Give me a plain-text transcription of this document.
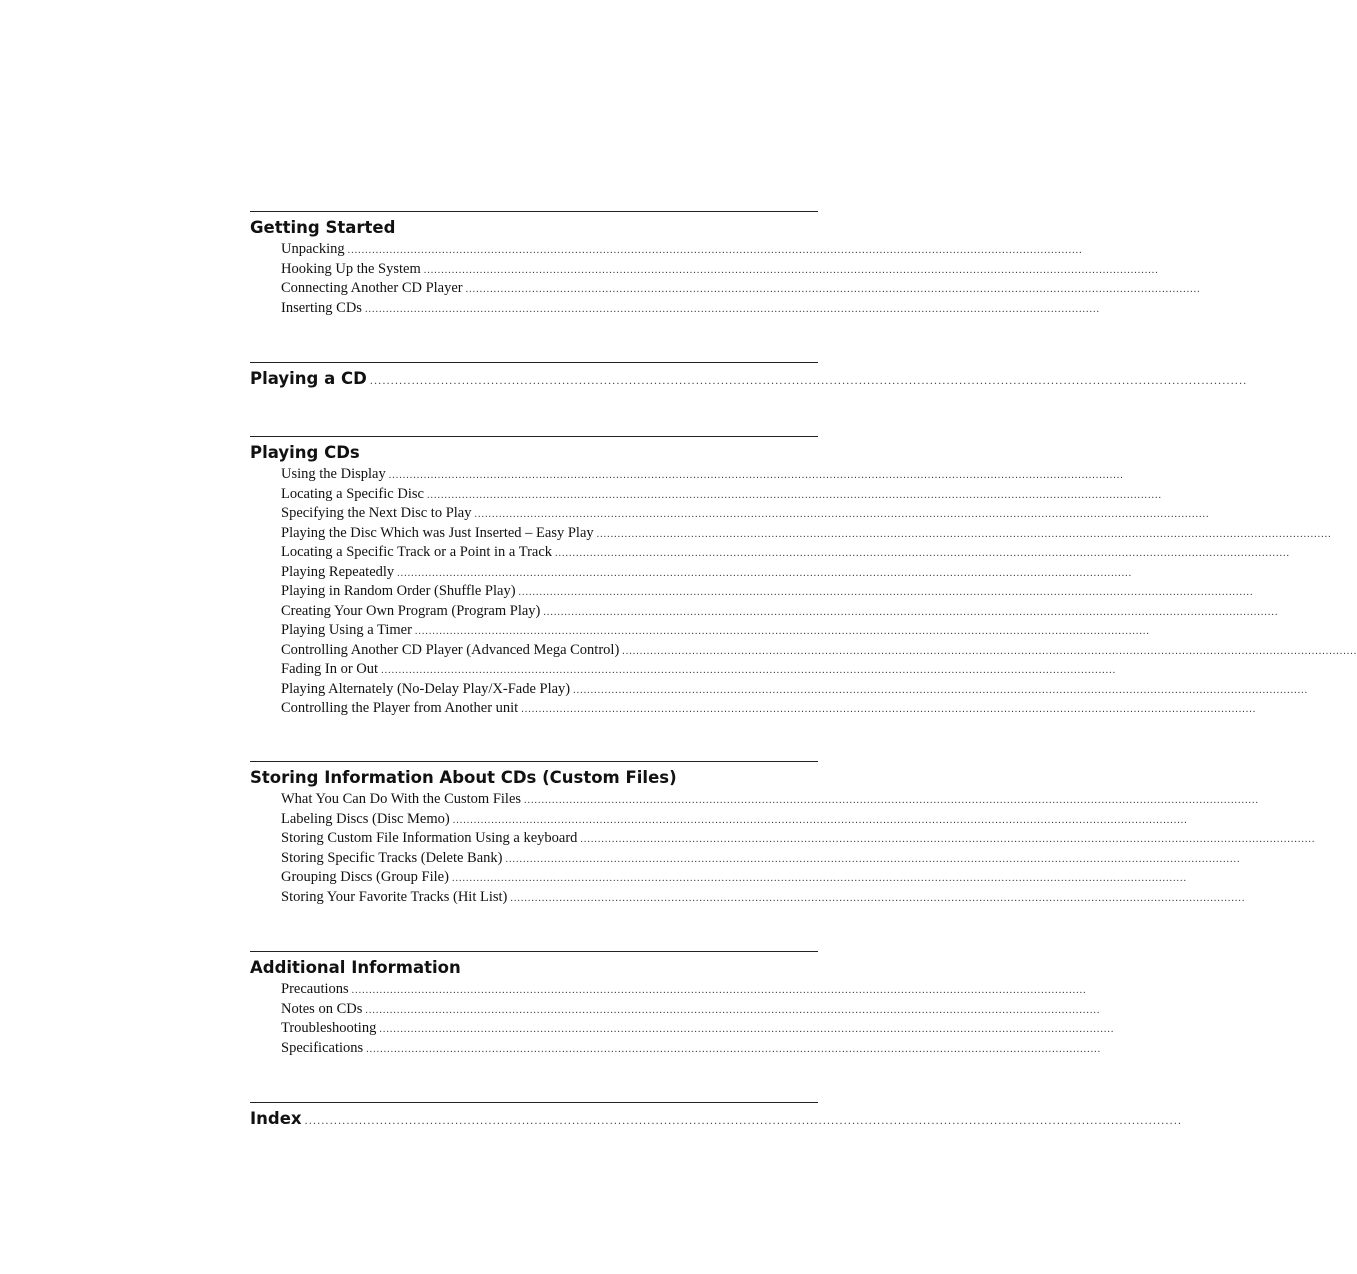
Getting Started
Unpacking ..................................................................................................................................................................................................................
Hooking Up the System ..................................................................................................................................................................................................................
Connecting Another CD Player ..................................................................................................................................................................................................................
Inserting CDs ..................................................................................................................................................................................................................
Playing a CD ..................................................................................................................................................................................................................
Playing CDs
Using the Display ..................................................................................................................................................................................................................
Locating a Specific Disc ..................................................................................................................................................................................................................
Specifying the Next Disc to Play ..................................................................................................................................................................................................................
Playing the Disc Which was Just Inserted – Easy Play ..................................................................................................................................................................................................................
Locating a Specific Track or a Point in a Track ..................................................................................................................................................................................................................
Playing Repeatedly ..................................................................................................................................................................................................................
Playing in Random Order (Shuffle Play) ..................................................................................................................................................................................................................
Creating Your Own Program (Program Play) ..................................................................................................................................................................................................................
Playing Using a Timer ..................................................................................................................................................................................................................
Controlling Another CD Player (Advanced Mega Control) ..................................................................................................................................................................................................................
Fading In or Out ..................................................................................................................................................................................................................
Playing Alternately (No-Delay Play/X-Fade Play) ..................................................................................................................................................................................................................
Controlling the Player from Another unit ..................................................................................................................................................................................................................
Storing Information About CDs (Custom Files)
What You Can Do With the Custom Files ..................................................................................................................................................................................................................
Labeling Discs (Disc Memo) ..................................................................................................................................................................................................................
Storing Custom File Information Using a keyboard ..................................................................................................................................................................................................................
Storing Specific Tracks (Delete Bank) ..................................................................................................................................................................................................................
Grouping Discs (Group File) ..................................................................................................................................................................................................................
Storing Your Favorite Tracks (Hit List) ..................................................................................................................................................................................................................
Additional Information
Precautions ..................................................................................................................................................................................................................
Notes on CDs ..................................................................................................................................................................................................................
Troubleshooting ..................................................................................................................................................................................................................
Specifications ..................................................................................................................................................................................................................
Index ..................................................................................................................................................................................................................
